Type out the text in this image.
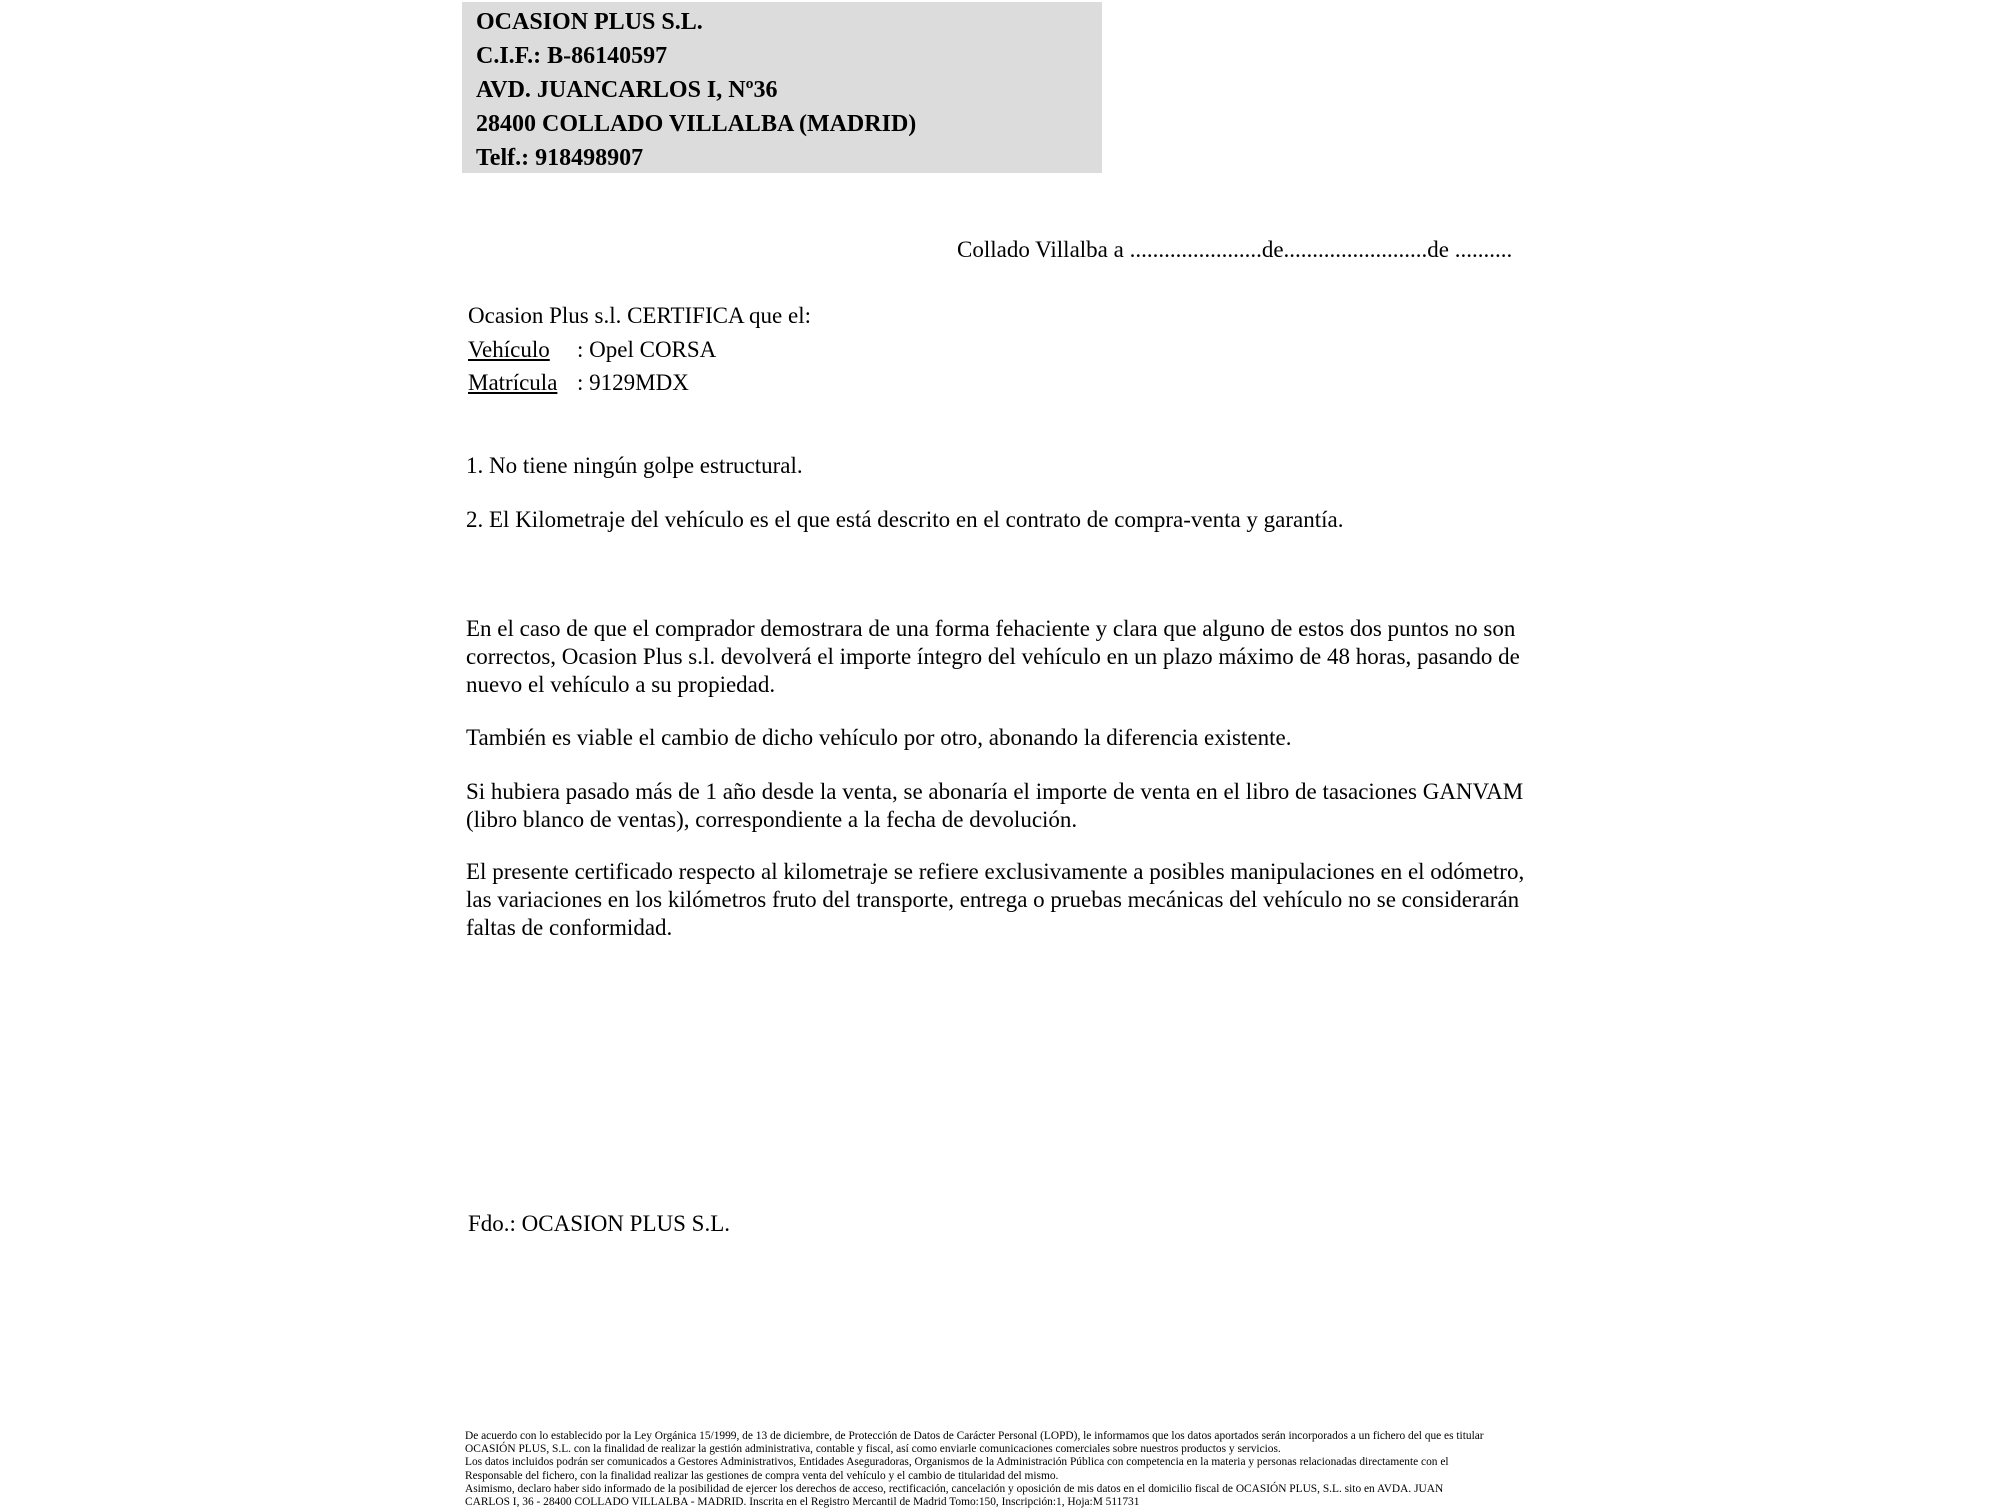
OCASION PLUS S.L.
C.I.F.: B-86140597
AVD. JUANCARLOS I, Nº36
28400 COLLADO VILLALBA (MADRID)
Telf.: 918498907
Collado Villalba a .......................de.........................de ..........
Ocasion Plus s.l. CERTIFICA que el:
Vehículo : Opel CORSA
Matrícula : 9129MDX
1. No tiene ningún golpe estructural.
2. El Kilometraje del vehículo es el que está descrito en el contrato de compra-venta y garantía.
En el caso de que el comprador demostrara de una forma fehaciente y clara que alguno de estos dos puntos no son correctos, Ocasion Plus s.l. devolverá el importe íntegro del vehículo en un plazo máximo de 48 horas, pasando de nuevo el vehículo a su propiedad.
También es viable el cambio de dicho vehículo por otro, abonando la diferencia existente.
Si hubiera pasado más de 1 año desde la venta, se abonaría el importe de venta en el libro de tasaciones GANVAM (libro blanco de ventas), correspondiente a la fecha de devolución.
El presente certificado respecto al kilometraje se refiere exclusivamente a posibles manipulaciones en el odómetro, las variaciones en los kilómetros fruto del transporte, entrega o pruebas mecánicas del vehículo no se considerarán faltas de conformidad.
Fdo.: OCASION PLUS S.L.
De acuerdo con lo establecido por la Ley Orgánica 15/1999, de 13 de diciembre, de Protección de Datos de Carácter Personal (LOPD), le informamos que los datos aportados serán incorporados a un fichero del que es titular
OCASIÓN PLUS, S.L. con la finalidad de realizar la gestión administrativa, contable y fiscal, así como enviarle comunicaciones comerciales sobre nuestros productos y servicios.
Los datos incluidos podrán ser comunicados a Gestores Administrativos, Entidades Aseguradoras, Organismos de la Administración Pública con competencia en la materia y personas relacionadas directamente con el
Responsable del fichero, con la finalidad realizar las gestiones de compra venta del vehículo y el cambio de titularidad del mismo.
Asimismo, declaro haber sido informado de la posibilidad de ejercer los derechos de acceso, rectificación, cancelación y oposición de mis datos en el domicilio fiscal de OCASIÓN PLUS, S.L. sito en AVDA. JUAN
CARLOS I, 36 - 28400 COLLADO VILLALBA - MADRID. Inscrita en el Registro Mercantil de Madrid Tomo:150, Inscripción:1, Hoja:M 511731
